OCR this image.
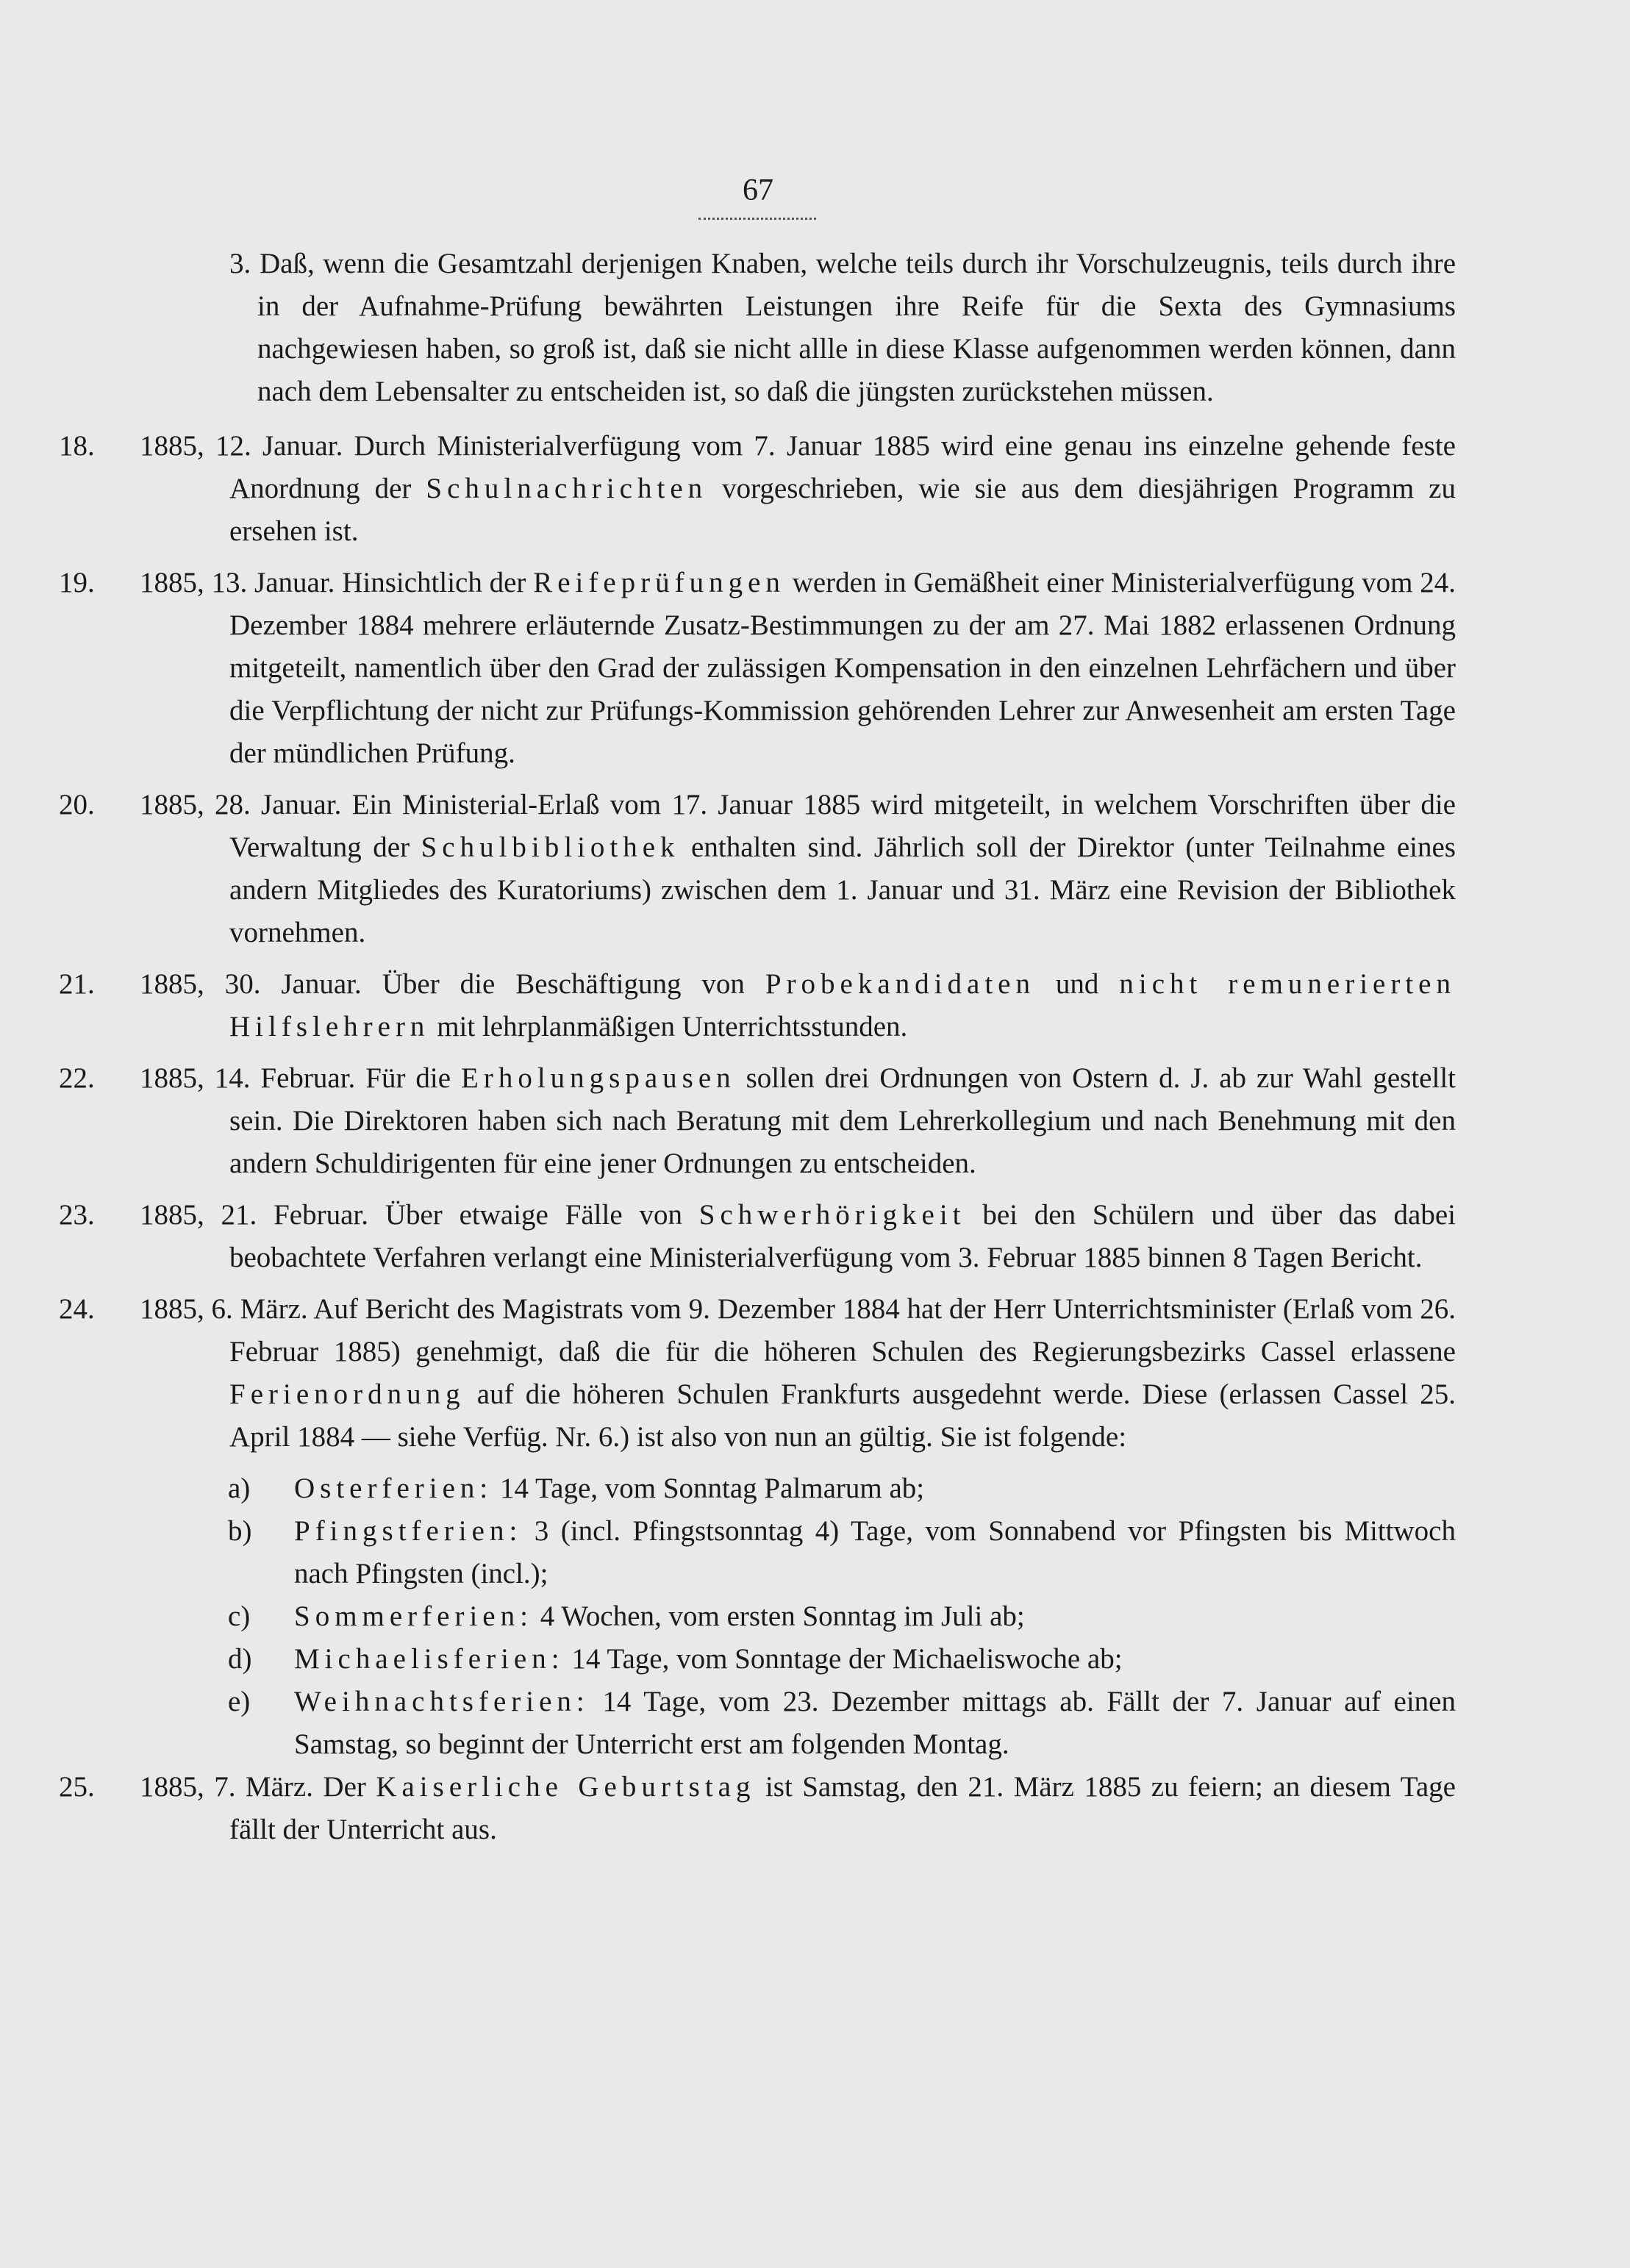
67
3. Daß, wenn die Gesamtzahl derjenigen Knaben, welche teils durch ihr Vorschulzeugnis, teils durch ihre in der Aufnahme-Prüfung bewährten Leistungen ihre Reife für die Sexta des Gymnasiums nachgewiesen haben, so groß ist, daß sie nicht allle in diese Klasse aufgenommen werden können, dann nach dem Lebensalter zu entscheiden ist, so daß die jüngsten zurückstehen müssen.
18. 1885, 12. Januar. Durch Ministerialverfügung vom 7. Januar 1885 wird eine genau ins einzelne gehende feste Anordnung der Schulnachrichten vorgeschrieben, wie sie aus dem diesjährigen Programm zu ersehen ist.
19. 1885, 13. Januar. Hinsichtlich der Reifeprüfungen werden in Gemäßheit einer Ministerialverfügung vom 24. Dezember 1884 mehrere erläuternde Zusatz-Bestimmungen zu der am 27. Mai 1882 erlassenen Ordnung mitgeteilt, namentlich über den Grad der zulässigen Kompensation in den einzelnen Lehrfächern und über die Verpflichtung der nicht zur Prüfungs-Kommission gehörenden Lehrer zur Anwesenheit am ersten Tage der mündlichen Prüfung.
20. 1885, 28. Januar. Ein Ministerial-Erlaß vom 17. Januar 1885 wird mitgeteilt, in welchem Vorschriften über die Verwaltung der Schulbibliothek enthalten sind. Jährlich soll der Direktor (unter Teilnahme eines andern Mitgliedes des Kuratoriums) zwischen dem 1. Januar und 31. März eine Revision der Bibliothek vornehmen.
21. 1885, 30. Januar. Über die Beschäftigung von Probekandidaten und nicht remunerierten Hilfslehrern mit lehrplanmäßigen Unterrichtsstunden.
22. 1885, 14. Februar. Für die Erholungspausen sollen drei Ordnungen von Ostern d. J. ab zur Wahl gestellt sein. Die Direktoren haben sich nach Beratung mit dem Lehrerkollegium und nach Benehmung mit den andern Schuldirigenten für eine jener Ordnungen zu entscheiden.
23. 1885, 21. Februar. Über etwaige Fälle von Schwerhörigkeit bei den Schülern und über das dabei beobachtete Verfahren verlangt eine Ministerialverfügung vom 3. Februar 1885 binnen 8 Tagen Bericht.
24. 1885, 6. März. Auf Bericht des Magistrats vom 9. Dezember 1884 hat der Herr Unterrichtsminister (Erlaß vom 26. Februar 1885) genehmigt, daß die für die höheren Schulen des Regierungsbezirks Cassel erlassene Ferienordnung auf die höheren Schulen Frankfurts ausgedehnt werde. Diese (erlassen Cassel 25. April 1884 — siehe Verfüg. Nr. 6.) ist also von nun an gültig. Sie ist folgende:
a) Osterferien: 14 Tage, vom Sonntag Palmarum ab;
b) Pfingstferien: 3 (incl. Pfingstsonntag 4) Tage, vom Sonnabend vor Pfingsten bis Mittwoch nach Pfingsten (incl.);
c) Sommerferien: 4 Wochen, vom ersten Sonntag im Juli ab;
d) Michaelisferien: 14 Tage, vom Sonntage der Michaeliswoche ab;
e) Weihnachtsferien: 14 Tage, vom 23. Dezember mittags ab. Fällt der 7. Januar auf einen Samstag, so beginnt der Unterricht erst am folgenden Montag.
25. 1885, 7. März. Der Kaiserliche Geburtstag ist Samstag, den 21. März 1885 zu feiern; an diesem Tage fällt der Unterricht aus.
